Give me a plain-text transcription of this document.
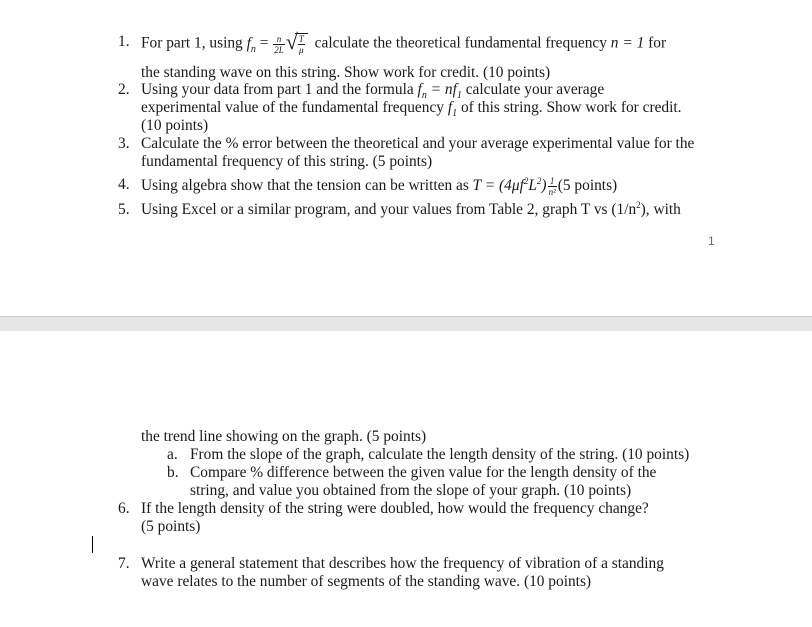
1. For part 1, using $f_n = \frac{n}{2L}$ √ $\frac{T}{\mu}$ calculate the theoretical fundamental frequency n = 1 for
the standing wave on this string. Show work for credit. (10 points)
2. Using your data from part 1 and the formula $f_n = nf_1$ calculate your average
experimental value of the fundamental frequency $f_1$ of this string. Show work for credit.
(10 points)
3. Calculate the % error between the theoretical and your average experimental value for the
fundamental frequency of this string. (5 points)
4. Using algebra show that the tension can be written as $T = (4\mu f^2L^2) \frac{1}{\text{n²}} (5$ points)
5. Using Excel or a similar program, and your values from Table 2, graph T vs $(1/n^2)$, with
1
the trend line showing on the graph. (5 points)
a. From the slope of the graph, calculate the length density of the string. (10 points)
b. Compare % difference between the given value for the length density of the
string, and value you obtained from the slope of your graph. (10 points)
6. If the length density of the string were doubled, how would the frequency change?
(5 points)
7. Write a general statement that describes how the frequency of vibration of a standing
wave relates to the number of segments of the standing wave. (10 points)
